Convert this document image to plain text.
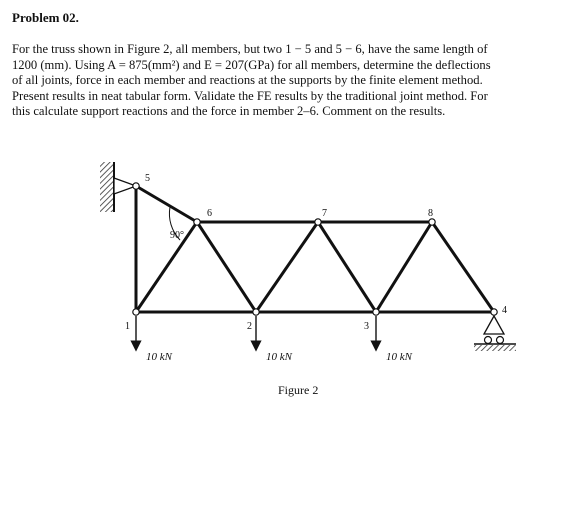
Problem 02.

For the truss shown in Figure 2, all members, but two 1 − 5 and 5 − 6, have the same length of
1200 (mm). Using A = 875(mm²) and E = 207(GPa) for all members, determine the deflections
of all joints, force in each member and reactions at the supports by the finite element method.
Present results in neat tabular form. Validate the FE results by the traditional joint method. For
this calculate support reactions and the force in member 2–6. Comment on the results.

90°
1	2	3
4
5
6	7	8
10 kN	10 kN	10 kN
Figure 2
